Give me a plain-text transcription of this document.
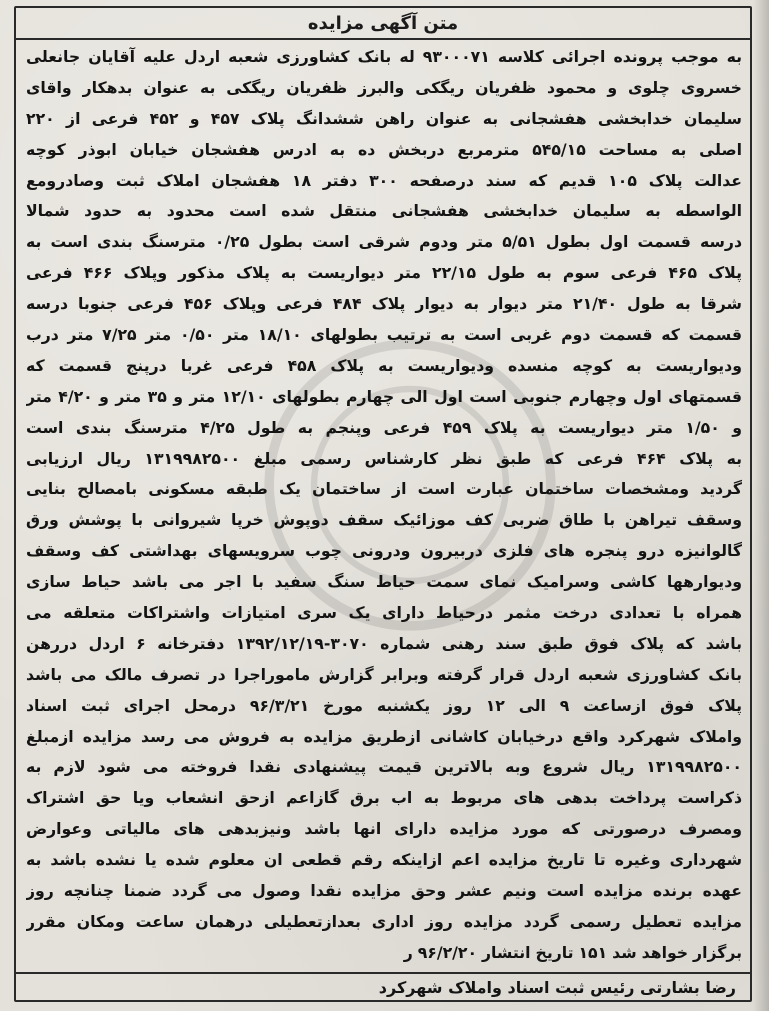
متن آگهی مزایده
به موجب پرونده اجرائی کلاسه ۹۳۰۰۰۷۱ له بانک کشاورزی شعبه اردل علیه آقایان جانعلی
خسروی چلوی و محمود ظفریان ریگکی والبرز ظفریان ریگکی به عنوان بدهکار واقای
سلیمان خدابخشی هفشجانی به عنوان راهن ششدانگ پلاک ۴۵۷ و ۴۵۲ فرعی از ۲۲۰
اصلی به مساحت ۵۴۵/۱۵ مترمربع دربخش ده به ادرس هفشجان خیابان ابوذر کوچه
عدالت پلاک ۱۰۵ قدیم که سند درصفحه ۳۰۰ دفتر ۱۸ هفشجان املاک ثبت وصادرومع
الواسطه به سلیمان خدابخشی هفشجانی منتقل شده است محدود به حدود شمالا
درسه قسمت اول بطول ۵/۵۱ متر ودوم شرقی است بطول ۰/۲۵ مترسنگ بندی است به
پلاک ۴۶۵ فرعی سوم به طول ۲۲/۱۵ متر دیواریست به پلاک مذکور وپلاک ۴۶۶ فرعی
شرقا به طول ۲۱/۴۰ متر دیوار به دیوار پلاک ۴۸۴ فرعی وپلاک ۴۵۶ فرعی جنوبا درسه
قسمت که قسمت دوم غربی است به ترتیب بطولهای ۱۸/۱۰ متر ۰/۵۰ متر ۷/۲۵ متر درب
ودیواریست به کوچه منسده ودیواریست به پلاک ۴۵۸ فرعی غربا درپنج قسمت که
قسمتهای اول وچهارم جنوبی است اول الی چهارم بطولهای ۱۲/۱۰ متر و ۳۵ متر و ۴/۲۰ متر
و ۱/۵۰ متر دیواریست به پلاک ۴۵۹ فرعی وپنجم به طول ۴/۲۵ مترسنگ بندی است
به پلاک ۴۶۴ فرعی که طبق نظر کارشناس رسمی مبلغ ۱۳۱۹۹۸۲۵۰۰ ریال ارزیابی
گردید ومشخصات ساختمان عبارت است از ساختمان یک طبقه مسکونی بامصالح بنایی
وسقف تیراهن با طاق ضربی کف موزائیک سقف دوپوش خرپا شیروانی با پوشش ورق
گالوانیزه درو پنجره های فلزی دربیرون ودرونی چوب سرویسهای بهداشتی کف وسقف
ودیوارهها کاشی وسرامیک نمای سمت حیاط سنگ سفید با اجر می باشد حیاط سازی
همراه با تعدادی درخت مثمر درحیاط دارای یک سری امتیازات واشتراکات متعلقه می
باشد که پلاک فوق طبق سند رهنی شماره ۳۰۷۰-۱۳۹۲/۱۲/۱۹ دفترخانه ۶ اردل دررهن
بانک کشاورزی شعبه اردل قرار گرفته وبرابر گزارش ماموراجرا در تصرف مالک می باشد
پلاک فوق ازساعت ۹ الی ۱۲ روز یکشنبه مورخ ۹۶/۳/۲۱ درمحل اجرای ثبت اسناد
واملاک شهرکرد واقع درخیابان کاشانی ازطریق مزایده به فروش می رسد مزایده ازمبلغ
۱۳۱۹۹۸۲۵۰۰ ریال شروع وبه بالاترین قیمت پیشنهادی نقدا فروخته می شود لازم به
ذکراست پرداخت بدهی های مربوط به اب برق گازاعم ازحق انشعاب ویا حق اشتراک
ومصرف درصورتی که مورد مزایده دارای انها باشد ونیزبدهی های مالیاتی وعوارض
شهرداری وغیره تا تاریخ مزایده اعم ازاینکه رقم قطعی ان معلوم شده یا نشده باشد به
عهده برنده مزایده است ونیم عشر وحق مزایده نقدا وصول می گردد ضمنا چنانچه روز
مزایده تعطیل رسمی گردد مزایده روز اداری بعدازتعطیلی درهمان ساعت ومکان مقرر
برگزار خواهد شد ۱۵۱ تاریخ انتشار ۹۶/۲/۲۰ ر
رضا بشارتی رئیس ثبت اسناد واملاک شهرکرد
